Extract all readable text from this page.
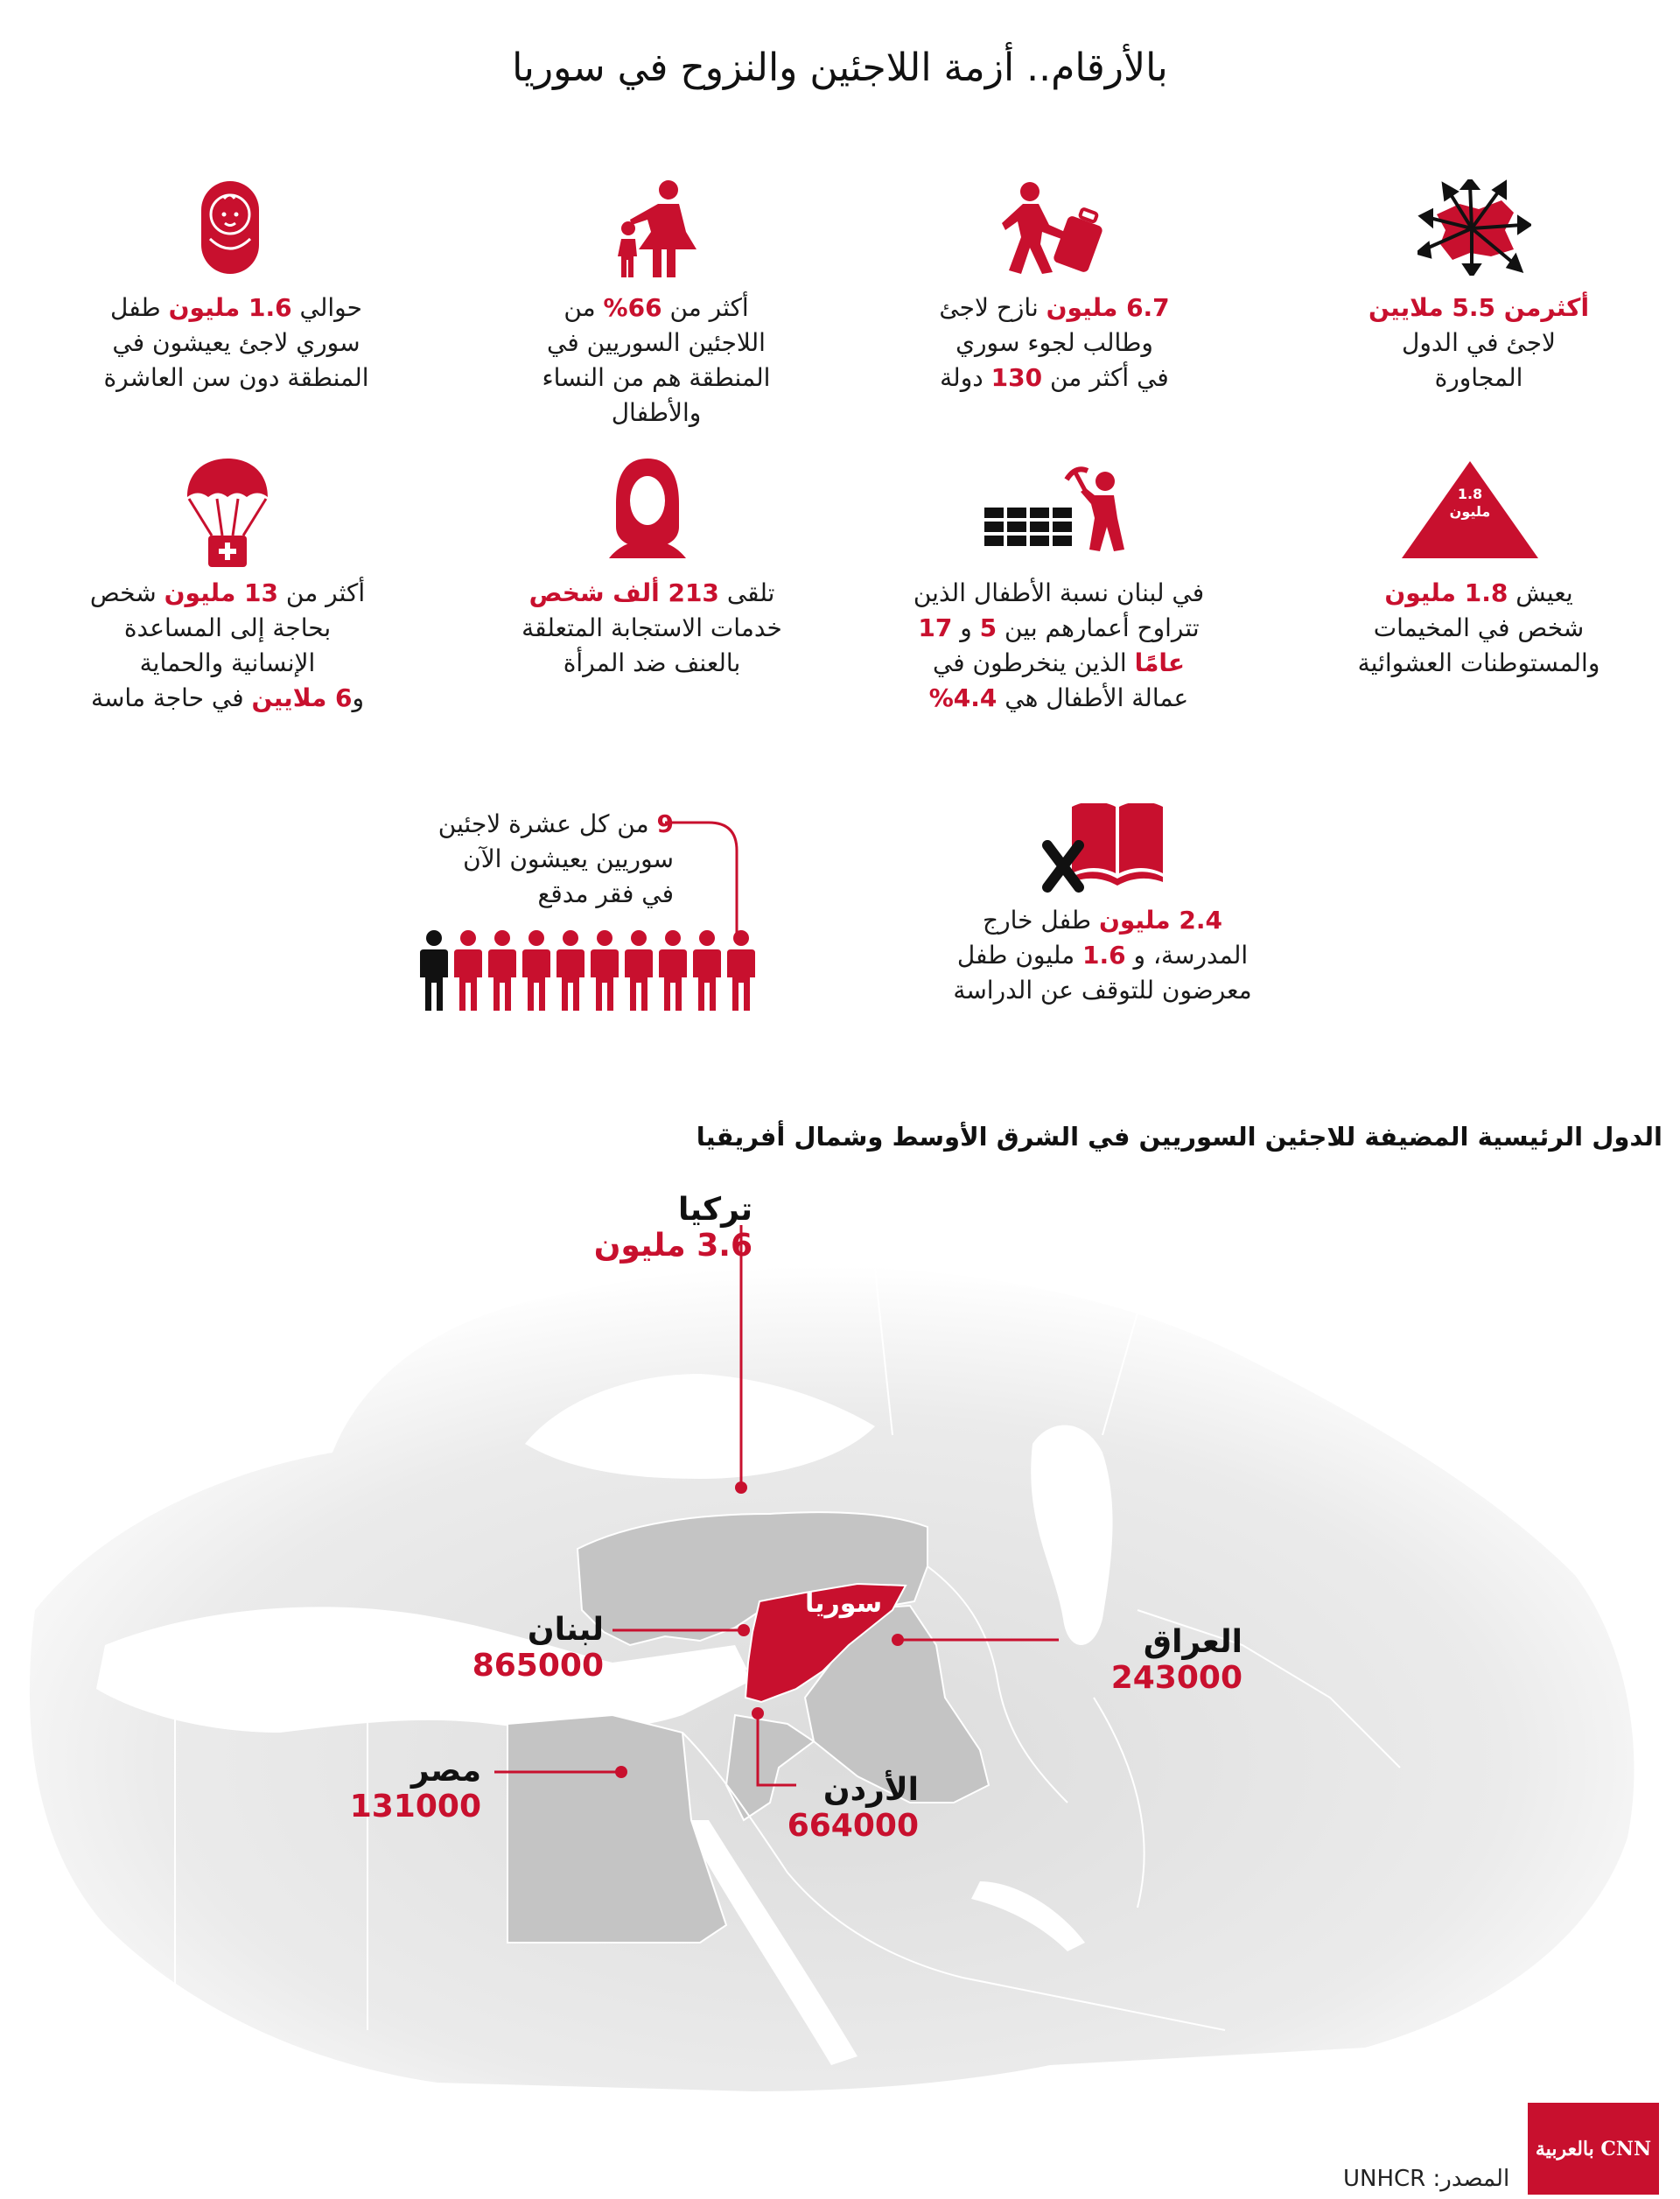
بالأرقام.. أزمة اللاجئين والنزوح في سوريا
1.8 مليون
أكثرمن 5.5 ملايين
لاجئ في الدول
المجاورة
6.7 مليون نازح لاجئ
وطالب لجوء سوري
في أكثر من 130 دولة
أكثر من 66% من
اللاجئين السوريين في
المنطقة هم من النساء
والأطفال
حوالي 1.6 مليون طفل
سوري لاجئ يعيشون في
المنطقة دون سن العاشرة
يعيش 1.8 مليون
شخص في المخيمات
والمستوطنات العشوائية
في لبنان نسبة الأطفال الذين
تتراوح أعمارهم بين 5 و 17
عامًا الذين ينخرطون في
عمالة الأطفال هي 4.4%
تلقى 213 ألف شخص
خدمات الاستجابة المتعلقة
بالعنف ضد المرأة
أكثر من 13 مليون شخص
بحاجة إلى المساعدة
الإنسانية والحماية
و6 ملايين في حاجة ماسة
2.4 مليون طفل خارج
المدرسة، و 1.6 مليون طفل
معرضون للتوقف عن الدراسة
9 من كل عشرة لاجئين
سوريين يعيشون الآن
في فقر مدقع
الدول الرئيسية المضيفة للاجئين السوريين في الشرق الأوسط وشمال أفريقيا
سوريا
تركيا
3.6 مليون
لبنان
865000
العراق
243000
مصر
131000	الأردن
664000
المصدر: UNHCR
CNN بالعربية
